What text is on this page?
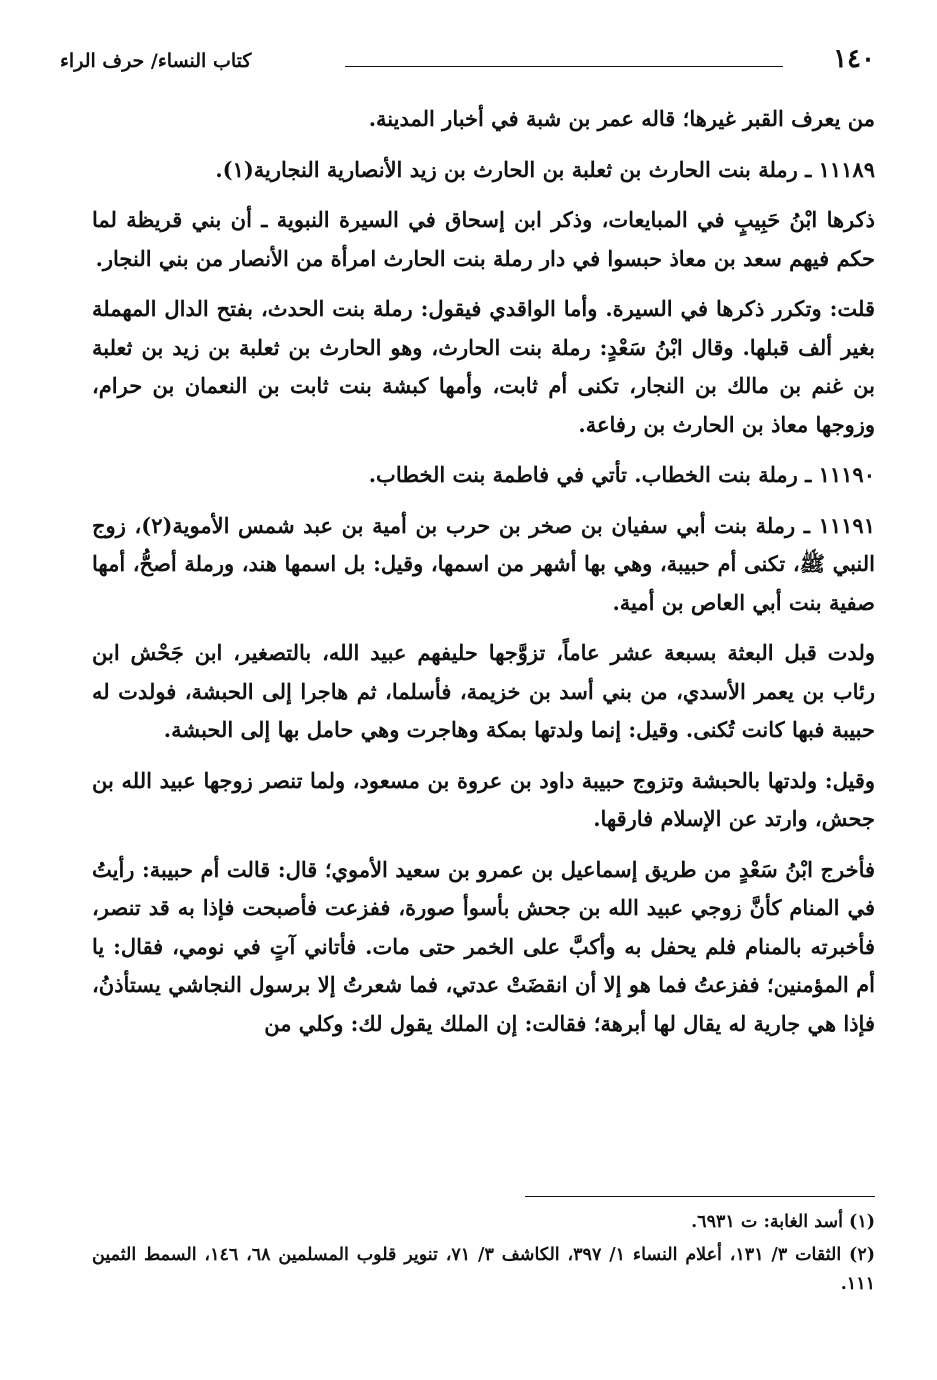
١٤٠
كتاب النساء/ حرف الراء

من يعرف القبر غيرها؛ قاله عمر بن شبة في أخبار المدينة.

١١١٨٩ ـ رملة بنت الحارث بن ثعلبة بن الحارث بن زيد الأنصارية النجارية(١).

ذكرها ابْنُ حَبِيبٍ في المبايعات، وذكر ابن إسحاق في السيرة النبوية ـ أن بني قريظة لما حكم فيهم سعد بن معاذ حبسوا في دار رملة بنت الحارث امرأة من الأنصار من بني النجار.

قلت: وتكرر ذكرها في السيرة. وأما الواقدي فيقول: رملة بنت الحدث، بفتح الدال المهملة بغير ألف قبلها. وقال ابْنُ سَعْدٍ: رملة بنت الحارث، وهو الحارث بن ثعلبة بن زيد بن ثعلبة بن غنم بن مالك بن النجار، تكنى أم ثابت، وأمها كبشة بنت ثابت بن النعمان بن حرام، وزوجها معاذ بن الحارث بن رفاعة.

١١١٩٠ ـ رملة بنت الخطاب. تأتي في فاطمة بنت الخطاب.

١١١٩١ ـ رملة بنت أبي سفيان بن صخر بن حرب بن أمية بن عبد شمس الأموية(٢)، زوج النبي ﷺ، تكنى أم حبيبة، وهي بها أشهر من اسمها، وقيل: بل اسمها هند، ورملة أصحُّ، أمها صفية بنت أبي العاص بن أمية.

ولدت قبل البعثة بسبعة عشر عاماً، تزوَّجها حليفهم عبيد الله، بالتصغير، ابن جَحْش ابن رئاب بن يعمر الأسدي، من بني أسد بن خزيمة، فأسلما، ثم هاجرا إلى الحبشة، فولدت له حبيبة فبها كانت تُكنى. وقيل: إنما ولدتها بمكة وهاجرت وهي حامل بها إلى الحبشة.

وقيل: ولدتها بالحبشة وتزوج حبيبة داود بن عروة بن مسعود، ولما تنصر زوجها عبيد الله بن جحش، وارتد عن الإسلام فارقها.

فأخرج ابْنُ سَعْدٍ من طريق إسماعيل بن عمرو بن سعيد الأموي؛ قال: قالت أم حبيبة: رأيتُ في المنام كأنَّ زوجي عبيد الله بن جحش بأسوأ صورة، ففزعت فأصبحت فإذا به قد تنصر، فأخبرته بالمنام فلم يحفل به وأكبَّ على الخمر حتى مات. فأتاني آتٍ في نومي، فقال: يا أم المؤمنين؛ ففزعتُ فما هو إلا أن انقضَتْ عدتي، فما شعرتُ إلا برسول النجاشي يستأذنُ، فإذا هي جارية له يقال لها أبرهة؛ فقالت: إن الملك يقول لك: وكلي من

(١) أسد الغابة: ت ٦٩٣١.

(٢) الثقات ٣/ ١٣١، أعلام النساء ١/ ٣٩٧، الكاشف ٣/ ٧١، تنوير قلوب المسلمين ٦٨، ١٤٦، السمط الثمين ١١١.
